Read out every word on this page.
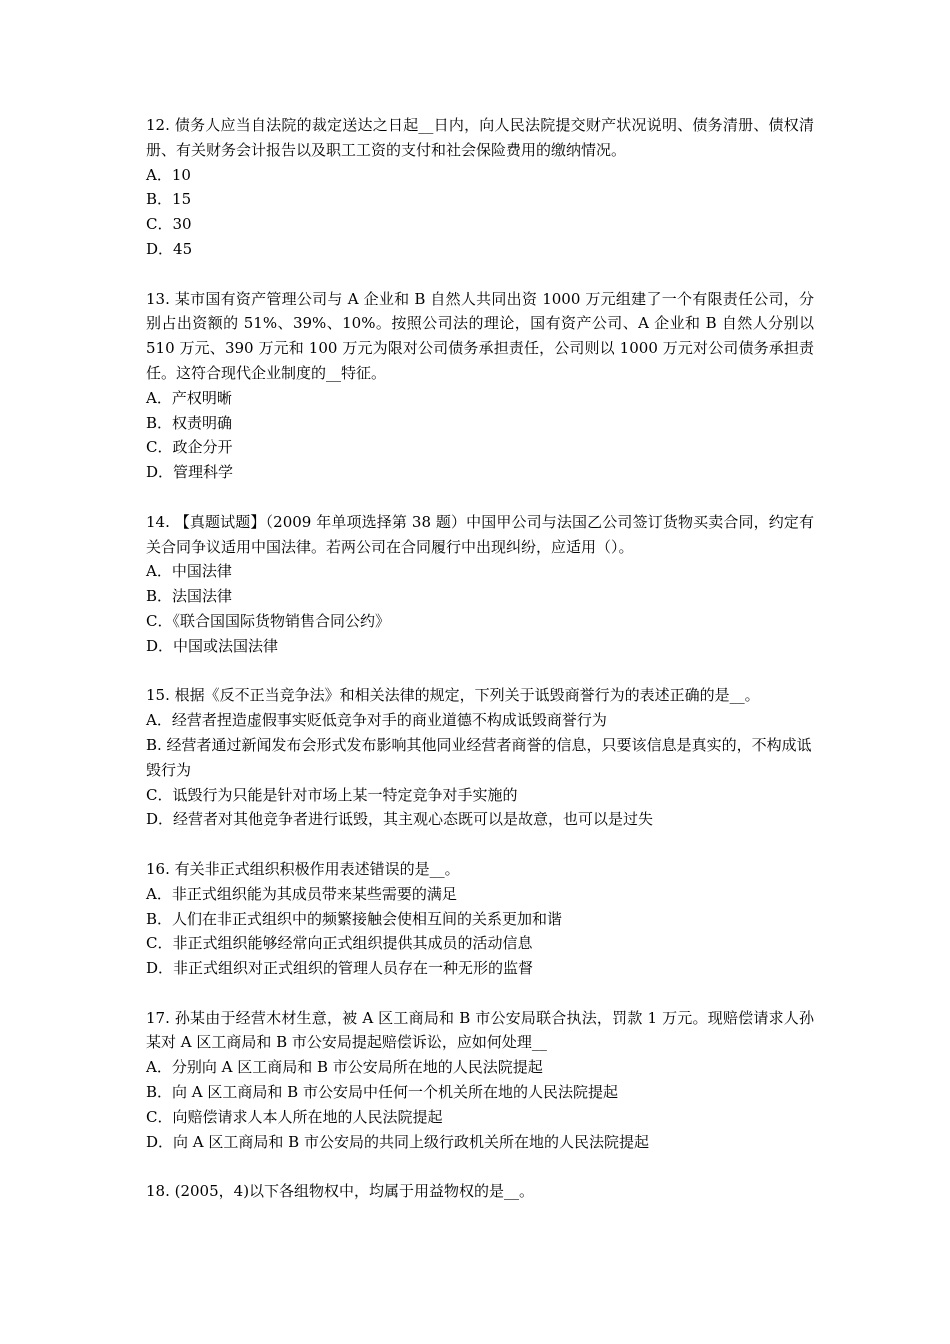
12. 债务人应当自法院的裁定送达之日起__日内，向人民法院提交财产状况说明、债务清册、债权清册、有关财务会计报告以及职工工资的支付和社会保险费用的缴纳情况。

A．10

B．15

C．30

D．45

13. 某市国有资产管理公司与 A 企业和 B 自然人共同出资 1000 万元组建了一个有限责任公司，分别占出资额的 51%、39%、10%。按照公司法的理论，国有资产公司、A 企业和 B 自然人分别以 510 万元、390 万元和 100 万元为限对公司债务承担责任，公司则以 1000 万元对公司债务承担责任。这符合现代企业制度的__特征。

A．产权明晰

B．权责明确

C．政企分开

D．管理科学

14. 【真题试题】（2009 年单项选择第 38 题）中国甲公司与法国乙公司签订货物买卖合同，约定有关合同争议适用中国法律。若两公司在合同履行中出现纠纷，应适用（）。

A．中国法律

B．法国法律

C．《联合国国际货物销售合同公约》

D．中国或法国法律

15. 根据《反不正当竞争法》和相关法律的规定，下列关于诋毁商誉行为的表述正确的是__。

A．经营者捏造虚假事实贬低竞争对手的商业道德不构成诋毁商誉行为

B. 经营者通过新闻发布会形式发布影响其他同业经营者商誉的信息，只要该信息是真实的，不构成诋毁行为

C．诋毁行为只能是针对市场上某一特定竞争对手实施的

D．经营者对其他竞争者进行诋毁，其主观心态既可以是故意，也可以是过失

16. 有关非正式组织积极作用表述错误的是__。

A．非正式组织能为其成员带来某些需要的满足

B．人们在非正式组织中的频繁接触会使相互间的关系更加和谐

C．非正式组织能够经常向正式组织提供其成员的活动信息

D．非正式组织对正式组织的管理人员存在一种无形的监督

17. 孙某由于经营木材生意，被 A 区工商局和 B 市公安局联合执法，罚款 1 万元。现赔偿请求人孙某对 A 区工商局和 B 市公安局提起赔偿诉讼，应如何处理__

A．分别向 A 区工商局和 B 市公安局所在地的人民法院提起

B．向 A 区工商局和 B 市公安局中任何一个机关所在地的人民法院提起

C．向赔偿请求人本人所在地的人民法院提起

D．向 A 区工商局和 B 市公安局的共同上级行政机关所在地的人民法院提起

18. (2005，4)以下各组物权中，均属于用益物权的是__。
